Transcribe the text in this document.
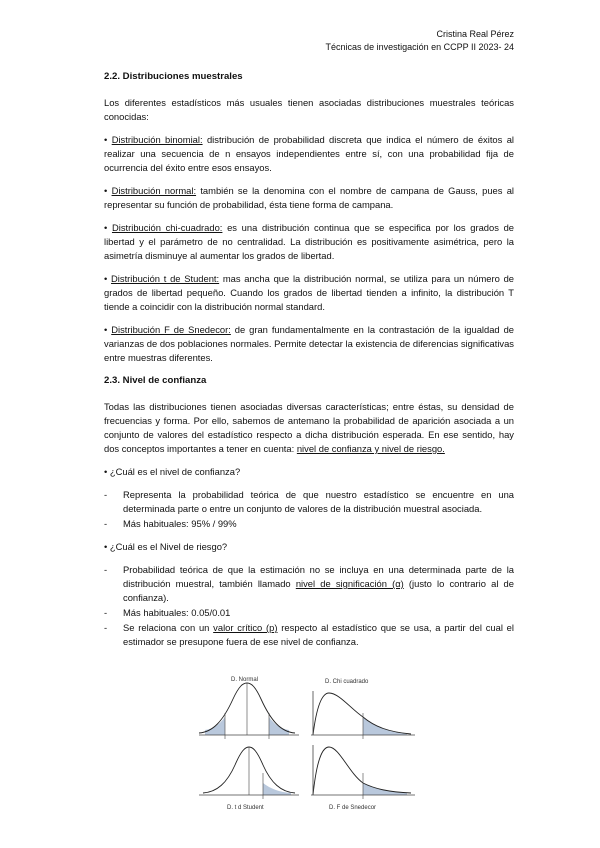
Cristina Real Pérez
Técnicas de investigación en CCPP II 2023- 24
2.2. Distribuciones muestrales

Los diferentes estadísticos más usuales tienen asociadas distribuciones muestrales teóricas conocidas:

• Distribución binomial: distribución de probabilidad discreta que indica el número de éxitos al realizar una secuencia de n ensayos independientes entre sí, con una probabilidad fija de ocurrencia del éxito entre esos ensayos.

• Distribución normal: también se la denomina con el nombre de campana de Gauss, pues al representar su función de probabilidad, ésta tiene forma de campana.

• Distribución chi-cuadrado: es una distribución continua que se especifica por los grados de libertad y el parámetro de no centralidad. La distribución es positivamente asimétrica, pero la asimetría disminuye al aumentar los grados de libertad.

• Distribución t de Student: mas ancha que la distribución normal, se utiliza para un número de grados de libertad pequeño. Cuando los grados de libertad tienden a infinito, la distribución T tiende a coincidir con la distribución normal standard.

• Distribución F de Snedecor: de gran fundamentalmente en la contrastación de la igualdad de varianzas de dos poblaciones normales. Permite detectar la existencia de diferencias significativas entre muestras diferentes.

2.3. Nivel de confianza

Todas las distribuciones tienen asociadas diversas características; entre éstas, su densidad de frecuencias y forma. Por ello, sabemos de antemano la probabilidad de aparición asociada a un conjunto de valores del estadístico respecto a dicha distribución esperada. En ese sentido, hay dos conceptos importantes a tener en cuenta: nivel de confianza y nivel de riesgo.

• ¿Cuál es el nivel de confianza?

- Representa la probabilidad teórica de que nuestro estadístico se encuentre en una determinada parte o entre un conjunto de valores de la distribución muestral asociada.
- Más habituales: 95% / 99%

• ¿Cuál es el Nivel de riesgo?

- Probabilidad teórica de que la estimación no se incluya en una determinada parte de la distribución muestral, también llamado nivel de significación (α) (justo lo contrario al de confianza).
- Más habituales: 0.05/0.01
- Se relaciona con un valor crítico (p) respecto al estadístico que se usa, a partir del cual el estimador se presupone fuera de ese nivel de confianza.
D. Normal	D. Chi cuadrado
D. t d Student	D. F de Snedecor
